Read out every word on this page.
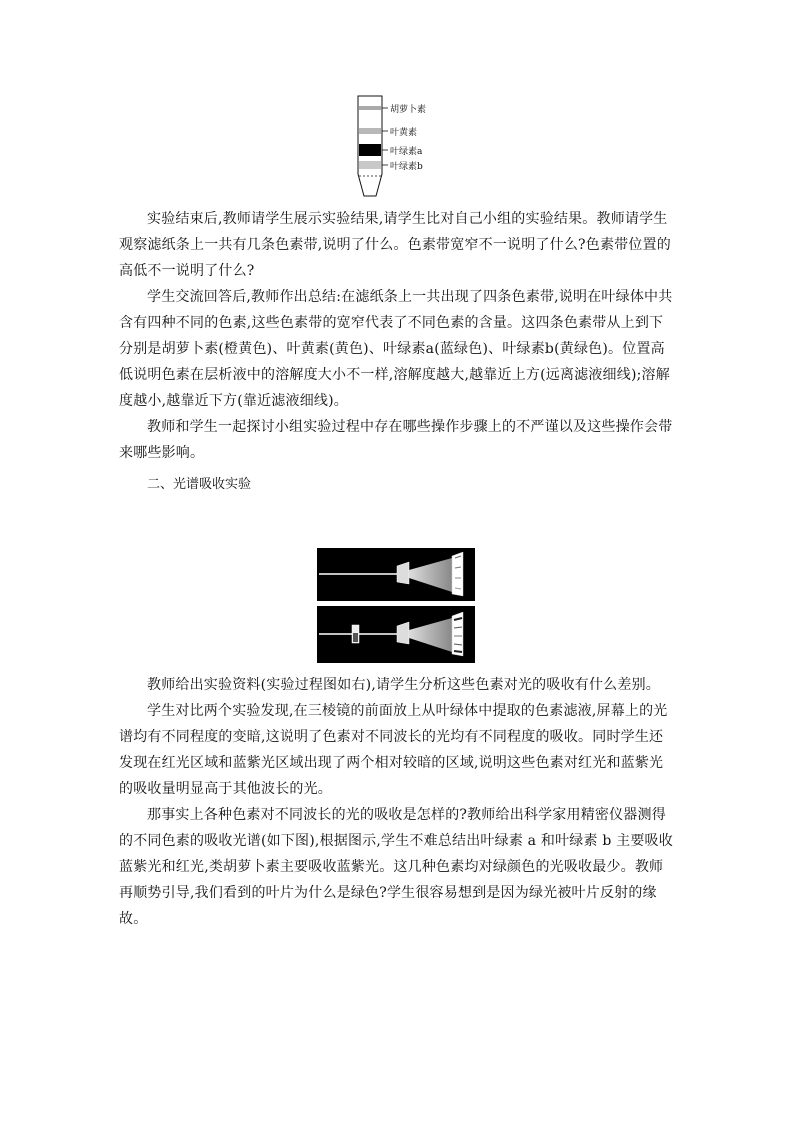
胡萝卜素
叶黄素
叶绿素a
叶绿素b

实验结束后,教师请学生展示实验结果,请学生比对自己小组的实验结果。教师请学生观察滤纸条上一共有几条色素带,说明了什么。色素带宽窄不一说明了什么?色素带位置的高低不一说明了什么?

学生交流回答后,教师作出总结:在滤纸条上一共出现了四条色素带,说明在叶绿体中共含有四种不同的色素,这些色素带的宽窄代表了不同色素的含量。这四条色素带从上到下分别是胡萝卜素(橙黄色)、叶黄素(黄色)、叶绿素a(蓝绿色)、叶绿素b(黄绿色)。位置高低说明色素在层析液中的溶解度大小不一样,溶解度越大,越靠近上方(远离滤液细线);溶解度越小,越靠近下方(靠近滤液细线)。

教师和学生一起探讨小组实验过程中存在哪些操作步骤上的不严谨以及这些操作会带来哪些影响。

二、光谱吸收实验

教师给出实验资料(实验过程图如右),请学生分析这些色素对光的吸收有什么差别。

学生对比两个实验发现,在三棱镜的前面放上从叶绿体中提取的色素滤液,屏幕上的光谱均有不同程度的变暗,这说明了色素对不同波长的光均有不同程度的吸收。同时学生还发现在红光区域和蓝紫光区域出现了两个相对较暗的区域,说明这些色素对红光和蓝紫光的吸收量明显高于其他波长的光。

那事实上各种色素对不同波长的光的吸收是怎样的?教师给出科学家用精密仪器测得的不同色素的吸收光谱(如下图),根据图示,学生不难总结出叶绿素 a 和叶绿素 b 主要吸收蓝紫光和红光,类胡萝卜素主要吸收蓝紫光。这几种色素均对绿颜色的光吸收最少。教师再顺势引导,我们看到的叶片为什么是绿色?学生很容易想到是因为绿光被叶片反射的缘故。
